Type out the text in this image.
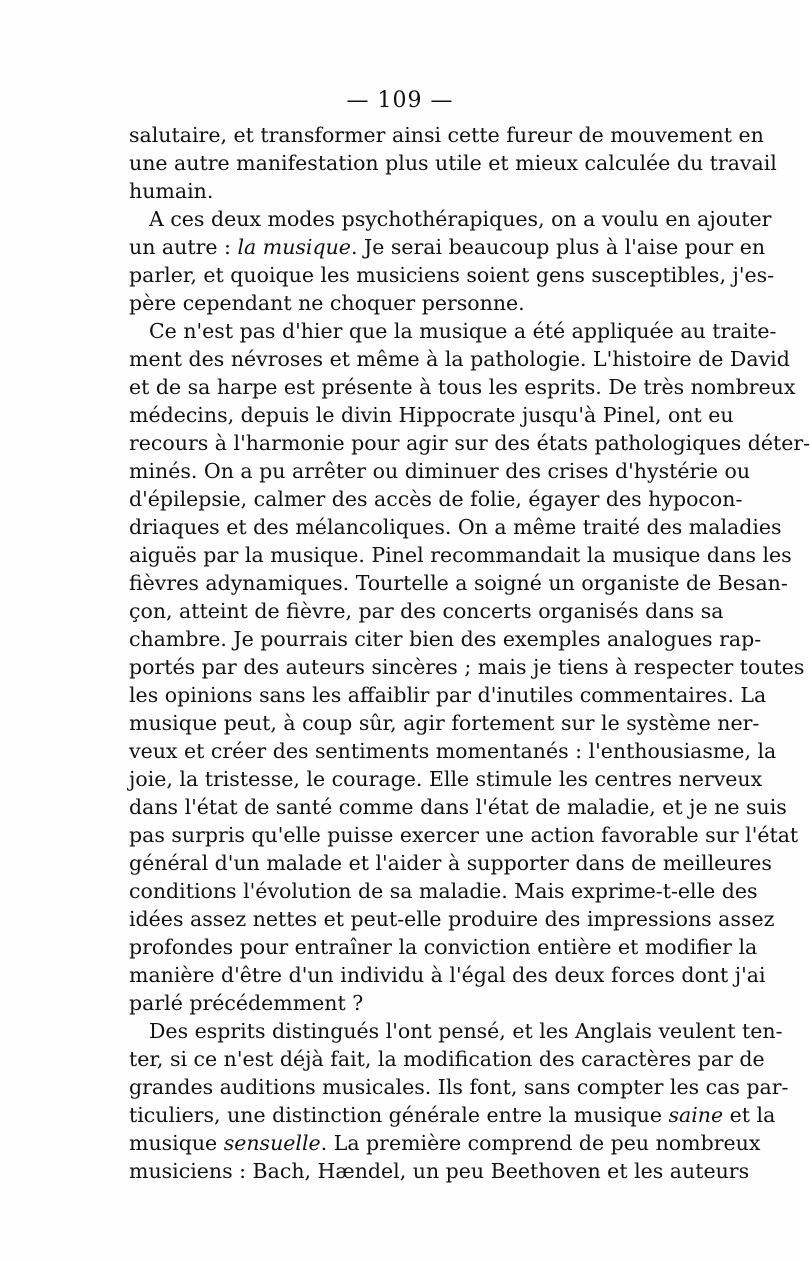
— 109 —
salutaire, et transformer ainsi cette fureur de mouvement en
une autre manifestation plus utile et mieux calculée du travail
humain.
A ces deux modes psychothérapiques, on a voulu en ajouter
un autre : la musique. Je serai beaucoup plus à l'aise pour en
parler, et quoique les musiciens soient gens susceptibles, j'es-
père cependant ne choquer personne.
Ce n'est pas d'hier que la musique a été appliquée au traite-
ment des névroses et même à la pathologie. L'histoire de David
et de sa harpe est présente à tous les esprits. De très nombreux
médecins, depuis le divin Hippocrate jusqu'à Pinel, ont eu
recours à l'harmonie pour agir sur des états pathologiques déter-
minés. On a pu arrêter ou diminuer des crises d'hystérie ou
d'épilepsie, calmer des accès de folie, égayer des hypocon-
driaques et des mélancoliques. On a même traité des maladies
aiguës par la musique. Pinel recommandait la musique dans les
fièvres adynamiques. Tourtelle a soigné un organiste de Besan-
çon, atteint de fièvre, par des concerts organisés dans sa
chambre. Je pourrais citer bien des exemples analogues rap-
portés par des auteurs sincères ; mais je tiens à respecter toutes
les opinions sans les affaiblir par d'inutiles commentaires. La
musique peut, à coup sûr, agir fortement sur le système ner-
veux et créer des sentiments momentanés : l'enthousiasme, la
joie, la tristesse, le courage. Elle stimule les centres nerveux
dans l'état de santé comme dans l'état de maladie, et je ne suis
pas surpris qu'elle puisse exercer une action favorable sur l'état
général d'un malade et l'aider à supporter dans de meilleures
conditions l'évolution de sa maladie. Mais exprime-t-elle des
idées assez nettes et peut-elle produire des impressions assez
profondes pour entraîner la conviction entière et modifier la
manière d'être d'un individu à l'égal des deux forces dont j'ai
parlé précédemment ?
Des esprits distingués l'ont pensé, et les Anglais veulent ten-
ter, si ce n'est déjà fait, la modification des caractères par de
grandes auditions musicales. Ils font, sans compter les cas par-
ticuliers, une distinction générale entre la musique saine et la
musique sensuelle. La première comprend de peu nombreux
musiciens : Bach, Hændel, un peu Beethoven et les auteurs
